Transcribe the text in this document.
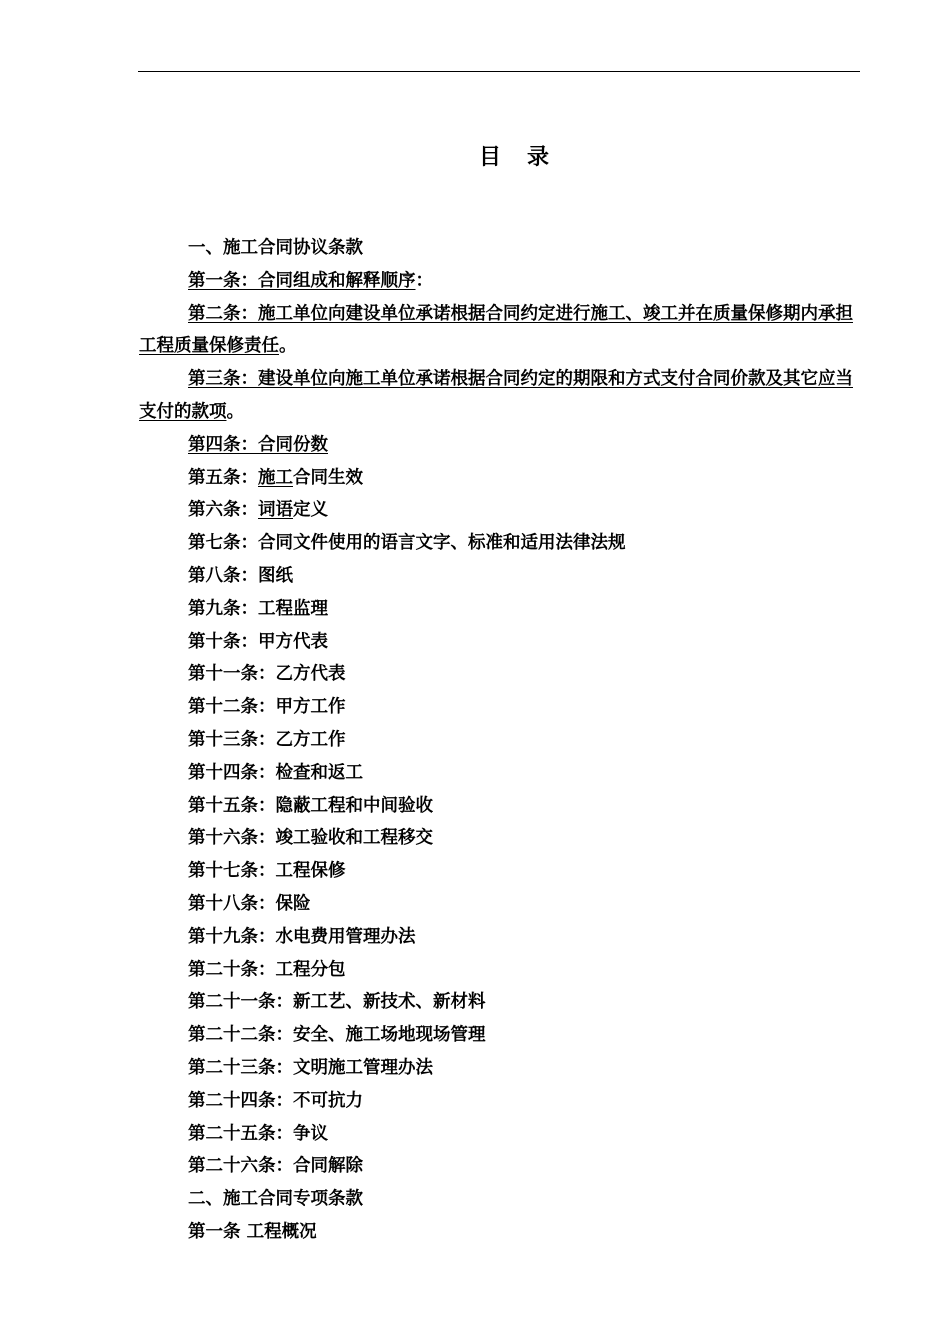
目　录

一、施工合同协议条款

第一条：合同组成和解释顺序：

第二条：施工单位向建设单位承诺根据合同约定进行施工、竣工并在质量保修期内承担工程质量保修责任。

第三条：建设单位向施工单位承诺根据合同约定的期限和方式支付合同价款及其它应当支付的款项。

第四条：合同份数

第五条：施工合同生效

第六条：词语定义

第七条：合同文件使用的语言文字、标准和适用法律法规

第八条：图纸

第九条：工程监理

第十条：甲方代表

第十一条：乙方代表

第十二条：甲方工作

第十三条：乙方工作

第十四条：检查和返工

第十五条：隐蔽工程和中间验收

第十六条：竣工验收和工程移交

第十七条：工程保修

第十八条：保险

第十九条：水电费用管理办法

第二十条：工程分包

第二十一条：新工艺、新技术、新材料

第二十二条：安全、施工场地现场管理

第二十三条：文明施工管理办法

第二十四条：不可抗力

第二十五条：争议

第二十六条：合同解除

二、施工合同专项条款

第一条 工程概况
